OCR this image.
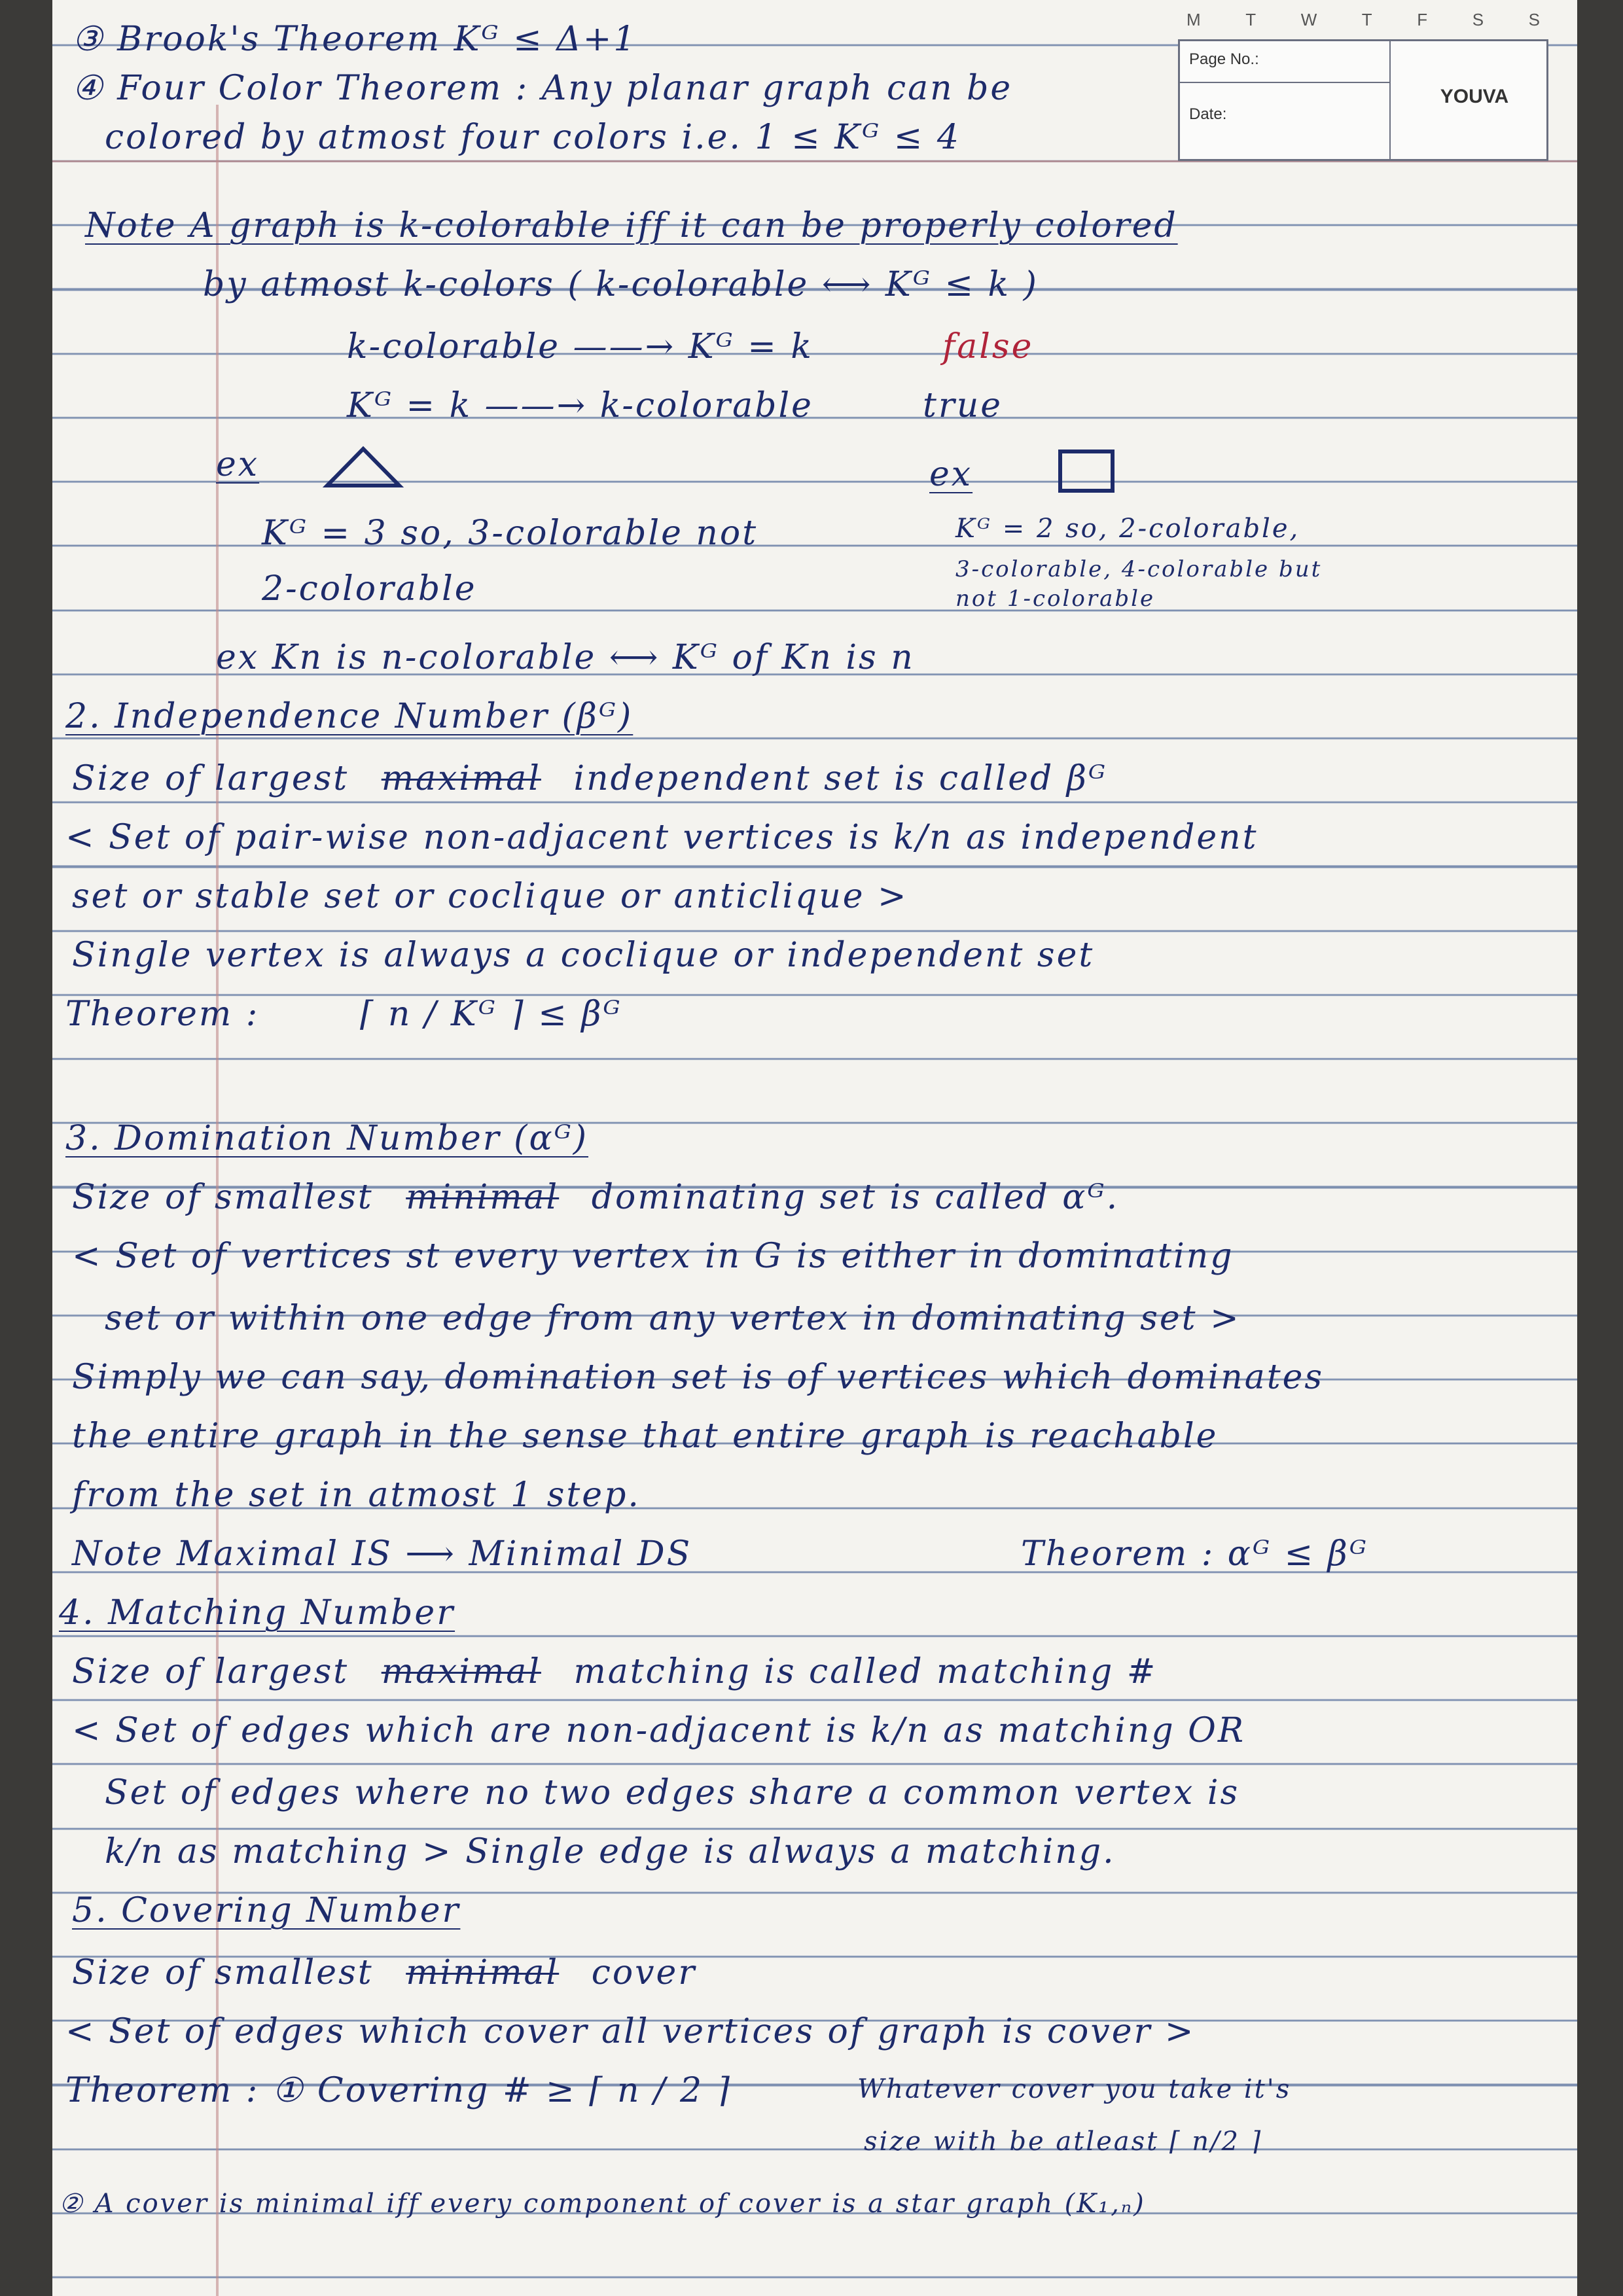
M	T	W	T	F	S	S
Page No.:
Date:
YOUVA
③ Brook's Theorem Kᴳ ≤ Δ+1
④ Four Color Theorem : Any planar graph can be
colored by atmost four colors i.e. 1 ≤ Kᴳ ≤ 4
Note A graph is k-colorable iff it can be properly colored
by atmost k-colors ( k-colorable ⟷ Kᴳ ≤ k )
k-colorable ——→ Kᴳ = k	false
Kᴳ = k ——→ k-colorable	true
ex	ex
Kᴳ = 3 so, 3-colorable not	Kᴳ = 2 so, 2-colorable,
2-colorable	3-colorable, 4-colorable but
not 1-colorable
ex Kn is n-colorable ⟷ Kᴳ of Kn is n
2. Independence Number (βᴳ)
Size of largest maximal independent set is called βᴳ
< Set of pair-wise non-adjacent vertices is k/n as independent
set or stable set or coclique or anticlique >
Single vertex is always a coclique or independent set
Theorem :	⌈ n / Kᴳ ⌉ ≤ βᴳ
3. Domination Number (αᴳ)
Size of smallest minimal dominating set is called αᴳ.
< Set of vertices st every vertex in G is either in dominating
set or within one edge from any vertex in dominating set >
Simply we can say, domination set is of vertices which dominates
the entire graph in the sense that entire graph is reachable
from the set in atmost 1 step.
Note Maximal IS ⟶ Minimal DS	Theorem : αᴳ ≤ βᴳ
4. Matching Number
Size of largest maximal matching is called matching #
< Set of edges which are non-adjacent is k/n as matching OR
Set of edges where no two edges share a common vertex is
k/n as matching > Single edge is always a matching.
5. Covering Number
Size of smallest minimal cover
< Set of edges which cover all vertices of graph is cover >
Theorem : ① Covering # ≥ ⌈ n / 2 ⌉	Whatever cover you take it's
size with be atleast ⌈ n/2 ⌉
② A cover is minimal iff every component of cover is a star graph (K₁,ₙ)
